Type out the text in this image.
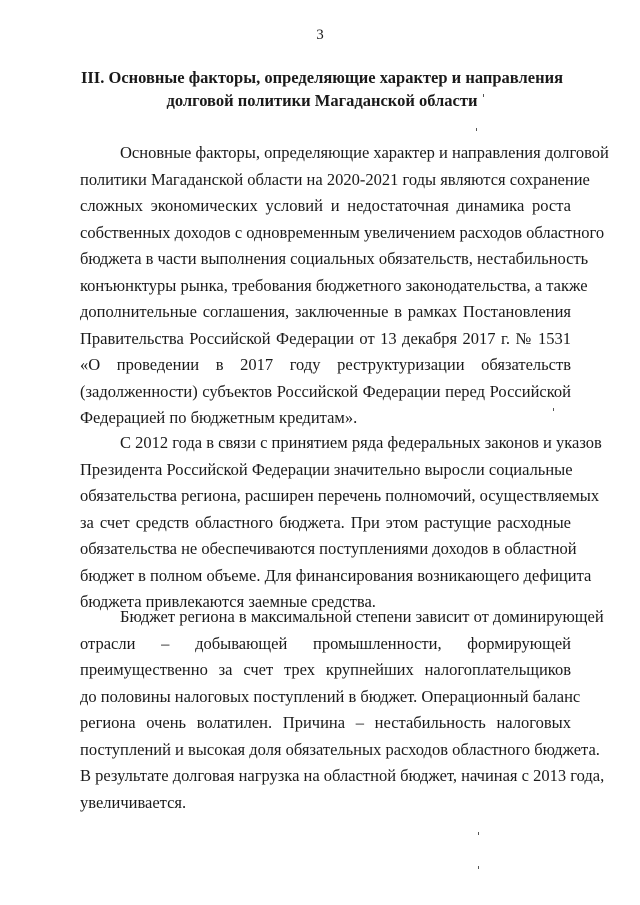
3
III. Основные факторы, определяющие характер и направления
долговой политики Магаданской области
Основные факторы, определяющие характер и направления долговой
политики Магаданской области на 2020-2021 годы являются сохранение
сложных экономических условий и недостаточная динамика роста
собственных доходов с одновременным увеличением расходов областного
бюджета в части выполнения социальных обязательств, нестабильность
конъюнктуры рынка, требования бюджетного законодательства, а также
дополнительные соглашения, заключенные в рамках Постановления
Правительства Российской Федерации от 13 декабря 2017 г. № 1531
«О проведении в 2017 году реструктуризации обязательств
(задолженности) субъектов Российской Федерации перед Российской
Федерацией по бюджетным кредитам».
С 2012 года в связи с принятием ряда федеральных законов и указов
Президента Российской Федерации значительно выросли социальные
обязательства региона, расширен перечень полномочий, осуществляемых
за счет средств областного бюджета. При этом растущие расходные
обязательства не обеспечиваются поступлениями доходов в областной
бюджет в полном объеме. Для финансирования возникающего дефицита
бюджета привлекаются заемные средства.
Бюджет региона в максимальной степени зависит от доминирующей
отрасли – добывающей промышленности, формирующей
преимущественно за счет трех крупнейших налогоплательщиков
до половины налоговых поступлений в бюджет. Операционный баланс
региона очень волатилен. Причина – нестабильность налоговых
поступлений и высокая доля обязательных расходов областного бюджета.
В результате долговая нагрузка на областной бюджет, начиная с 2013 года,
увеличивается.
